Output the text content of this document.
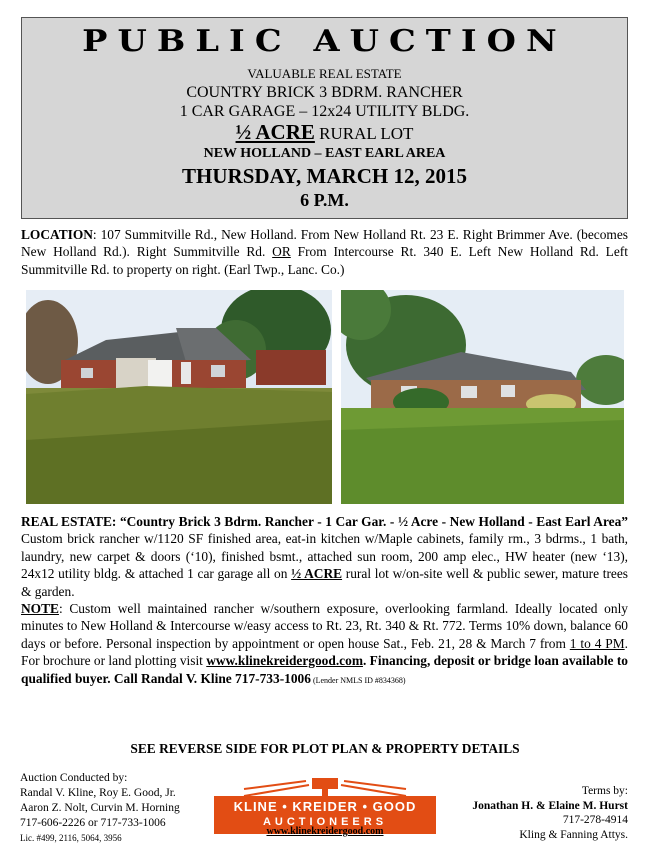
PUBLIC AUCTION
VALUABLE REAL ESTATE
COUNTRY BRICK 3 BDRM. RANCHER
1 CAR GARAGE – 12x24 UTILITY BLDG.
½ ACRE RURAL LOT
NEW HOLLAND – EAST EARL AREA
THURSDAY, MARCH 12, 2015
6 P.M.
LOCATION: 107 Summitville Rd., New Holland. From New Holland Rt. 23 E. Right Brimmer Ave. (becomes New Holland Rd.). Right Summitville Rd. OR From Intercourse Rt. 340 E. Left New Holland Rd. Left Summitville Rd. to property on right. (Earl Twp., Lanc. Co.)
REAL ESTATE: “Country Brick 3 Bdrm. Rancher - 1 Car Gar. - ½ Acre - New Holland - East Earl Area” Custom brick rancher w/1120 SF finished area, eat-in kitchen w/Maple cabinets, family rm., 3 bdrms., 1 bath, laundry, new carpet & doors (‘10), finished bsmt., attached sun room, 200 amp elec., HW heater (new ‘13), 24x12 utility bldg. & attached 1 car garage all on ½ ACRE rural lot w/on-site well & public sewer, mature trees & garden.
NOTE: Custom well maintained rancher w/southern exposure, overlooking farmland. Ideally located only minutes to New Holland & Intercourse w/easy access to Rt. 23, Rt. 340 & Rt. 772. Terms 10% down, balance 60 days or before. Personal inspection by appointment or open house Sat., Feb. 21, 28 & March 7 from 1 to 4 PM. For brochure or land plotting visit www.klinekreidergood.com. Financing, deposit or bridge loan available to qualified buyer. Call Randal V. Kline 717-733-1006 (Lender NMLS ID #834368)
SEE REVERSE SIDE FOR PLOT PLAN & PROPERTY DETAILS
Auction Conducted by:
Randal V. Kline, Roy E. Good, Jr.
Aaron Z. Nolt, Curvin M. Horning
717-606-2226 or 717-733-1006
Lic. #499, 2116, 5064, 3956
KLINE • KREIDER • GOOD
AUCTIONEERS
www.klinekreidergood.com
Terms by:
Jonathan H. & Elaine M. Hurst
717-278-4914
Kling & Fanning Attys.
